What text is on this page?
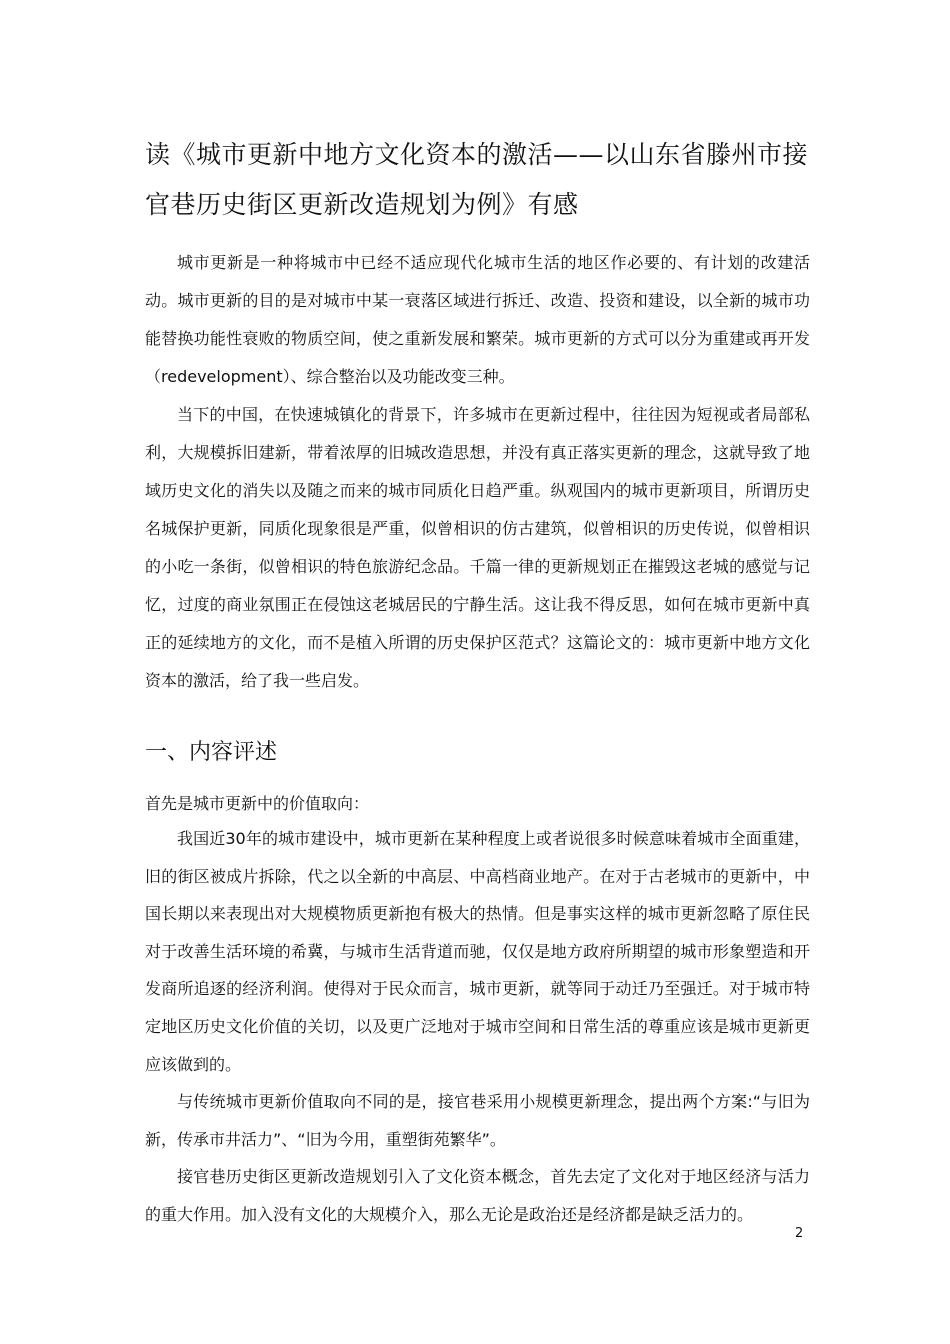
读《城市更新中地方文化资本的激活——以山东省滕州市接官巷历史街区更新改造规划为例》有感

城市更新是一种将城市中已经不适应现代化城市生活的地区作必要的、有计划的改建活动。城市更新的目的是对城市中某一衰落区域进行拆迁、改造、投资和建设，以全新的城市功能替换功能性衰败的物质空间，使之重新发展和繁荣。城市更新的方式可以分为重建或再开发（redevelopment）、综合整治以及功能改变三种。

当下的中国，在快速城镇化的背景下，许多城市在更新过程中，往往因为短视或者局部私利，大规模拆旧建新，带着浓厚的旧城改造思想，并没有真正落实更新的理念，这就导致了地域历史文化的消失以及随之而来的城市同质化日趋严重。纵观国内的城市更新项目，所谓历史名城保护更新，同质化现象很是严重，似曾相识的仿古建筑，似曾相识的历史传说，似曾相识的小吃一条街，似曾相识的特色旅游纪念品。千篇一律的更新规划正在摧毁这老城的感觉与记忆，过度的商业氛围正在侵蚀这老城居民的宁静生活。这让我不得反思，如何在城市更新中真正的延续地方的文化，而不是植入所谓的历史保护区范式？这篇论文的：城市更新中地方文化资本的激活，给了我一些启发。

一、内容评述

首先是城市更新中的价值取向：

我国近30年的城市建设中，城市更新在某种程度上或者说很多时候意味着城市全面重建，旧的街区被成片拆除，代之以全新的中高层、中高档商业地产。在对于古老城市的更新中，中国长期以来表现出对大规模物质更新抱有极大的热情。但是事实这样的城市更新忽略了原住民对于改善生活环境的希冀，与城市生活背道而驰，仅仅是地方政府所期望的城市形象塑造和开发商所追逐的经济利润。使得对于民众而言，城市更新，就等同于动迁乃至强迁。对于城市特定地区历史文化价值的关切，以及更广泛地对于城市空间和日常生活的尊重应该是城市更新更应该做到的。

与传统城市更新价值取向不同的是，接官巷采用小规模更新理念，提出两个方案:“与旧为新，传承市井活力”、“旧为今用，重塑街苑繁华”。

接官巷历史街区更新改造规划引入了文化资本概念，首先去定了文化对于地区经济与活力的重大作用。加入没有文化的大规模介入，那么无论是政治还是经济都是缺乏活力的。

2
